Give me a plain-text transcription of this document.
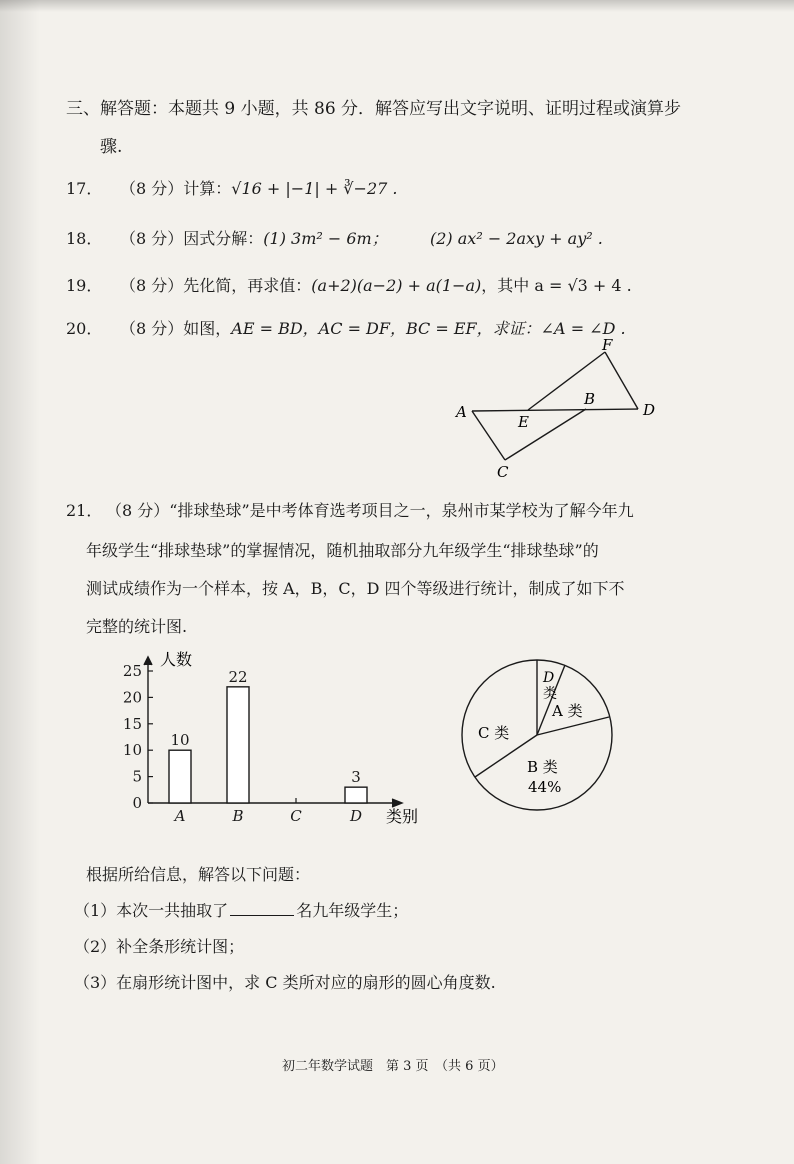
三、解答题：本题共 9 小题，共 86 分．解答应写出文字说明、证明过程或演算步
骤.
17． （8 分）计算：√16 + |−1| + ∛−27 .
18． （8 分）因式分解：(1) 3m² − 6m；	(2) ax² − 2axy + ay² .
19． （8 分）先化简，再求值：(a+2)(a−2) + a(1−a)，其中 a = √3 + 4 .
20． （8 分）如图，AE = BD，AC = DF，BC = EF，求证：∠A = ∠D .
A
B
C
D
E
F
21． （8 分）“排球垫球”是中考体育选考项目之一，泉州市某学校为了解今年九
年级学生“排球垫球”的掌握情况，随机抽取部分九年级学生“排球垫球”的
测试成绩作为一个样本，按 A，B，C，D 四个等级进行统计，制成了如下不
完整的统计图.
0
5
10
15
20
25
A
10
B
22
C	D
3
人数
类别
D
类
A 类
B 类
44%
C 类
根据所给信息，解答以下问题：
（1）本次一共抽取了	名九年级学生；
（2）补全条形统计图；
（3）在扇形统计图中，求 C 类所对应的扇形的圆心角度数.
初二年数学试题　第 3 页　（共 6 页）
